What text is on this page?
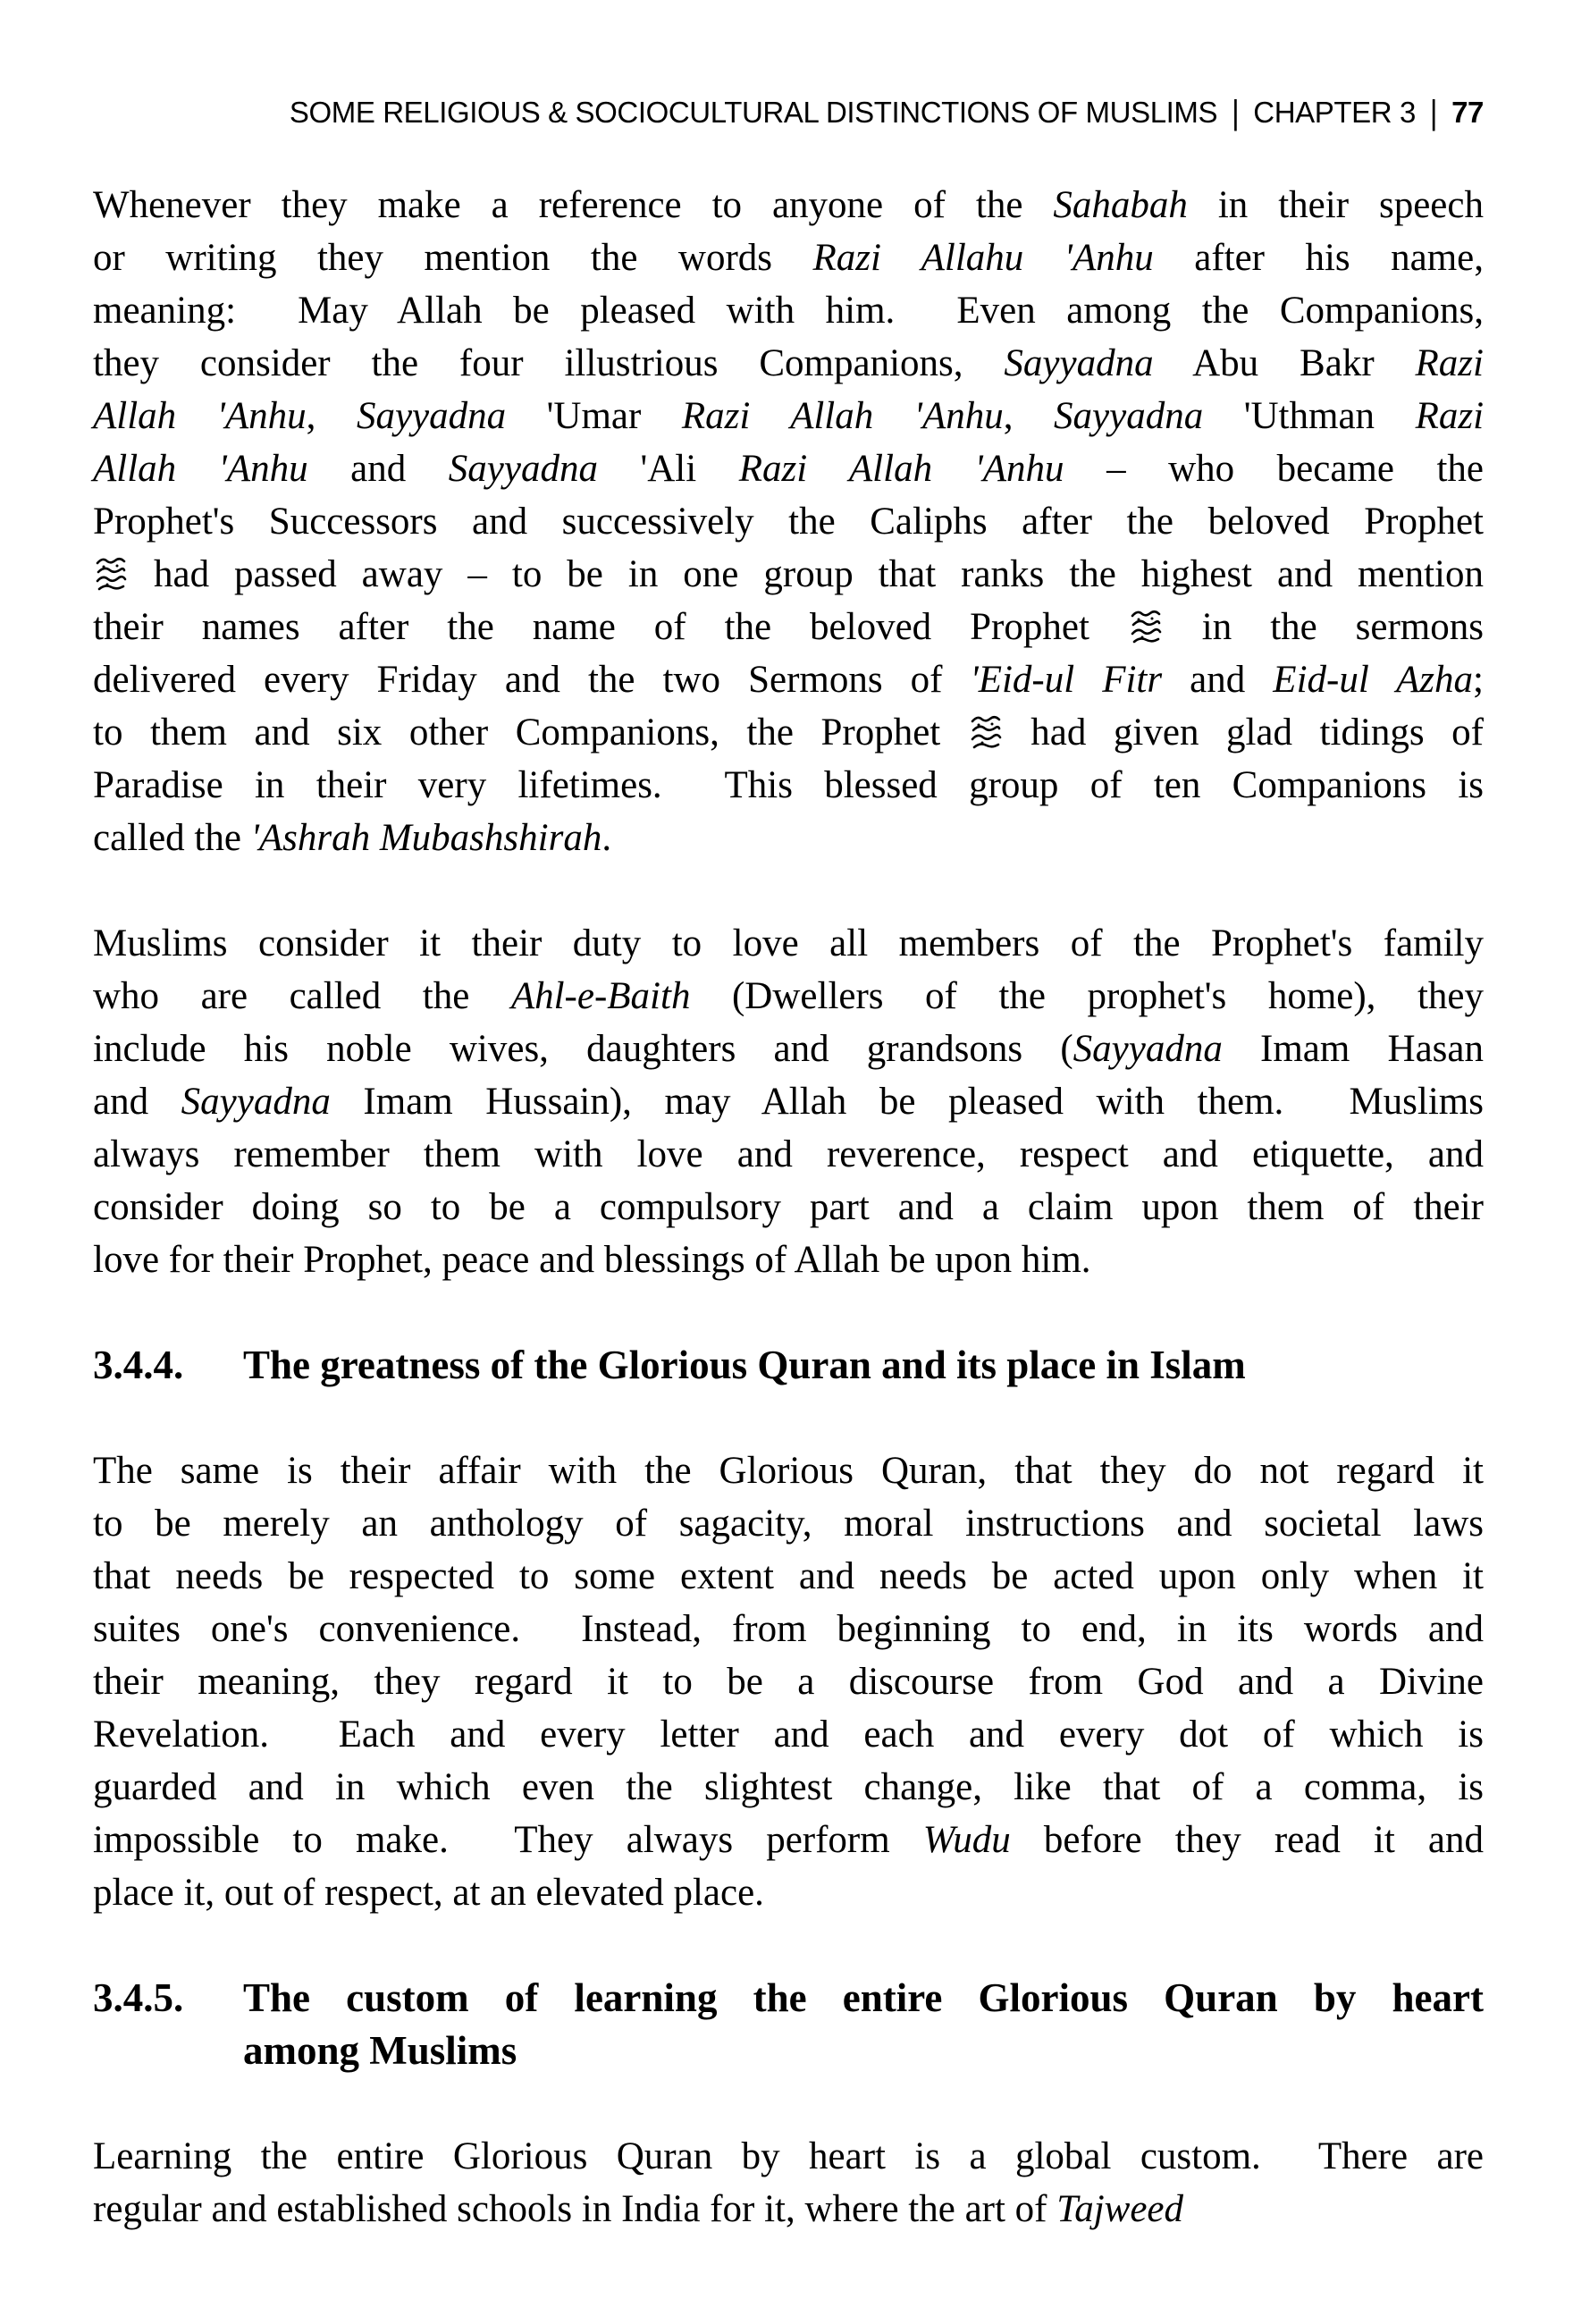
SOME RELIGIOUS & SOCIOCULTURAL DISTINCTIONS OF MUSLIMS | CHAPTER 3 | 77
Whenever they make a reference to anyone of the Sahabah in their speech
or writing they mention the words Razi Allahu 'Anhu after his name,
meaning:  May Allah be pleased with him.  Even among the Companions,
they consider the four illustrious Companions, Sayyadna Abu Bakr Razi
Allah 'Anhu, Sayyadna 'Umar Razi Allah 'Anhu, Sayyadna 'Uthman Razi
Allah 'Anhu and Sayyadna 'Ali Razi Allah 'Anhu – who became the
Prophet's Successors and successively the Caliphs after the beloved Prophet
had passed away – to be in one group that ranks the highest and mention
their names after the name of the beloved Prophet
in the sermons
delivered every Friday and the two Sermons of 'Eid-ul Fitr and Eid-ul Azha;
to them and six other Companions, the Prophet
had given glad tidings of
Paradise in their very lifetimes.  This blessed group of ten Companions is
called the 'Ashrah Mubashshirah.
Muslims consider it their duty to love all members of the Prophet's family
who are called the Ahl-e-Baith (Dwellers of the prophet's home), they
include his noble wives, daughters and grandsons (Sayyadna Imam Hasan
and Sayyadna Imam Hussain), may Allah be pleased with them.  Muslims
always remember them with love and reverence, respect and etiquette, and
consider doing so to be a compulsory part and a claim upon them of their
love for their Prophet, peace and blessings of Allah be upon him.
3.4.4.	The greatness of the Glorious Quran and its place in Islam
The same is their affair with the Glorious Quran, that they do not regard it
to be merely an anthology of sagacity, moral instructions and societal laws
that needs be respected to some extent and needs be acted upon only when it
suites one's convenience.  Instead, from beginning to end, in its words and
their meaning, they regard it to be a discourse from God and a Divine
Revelation.  Each and every letter and each and every dot of which is
guarded and in which even the slightest change, like that of a comma, is
impossible to make.  They always perform Wudu before they read it and
place it, out of respect, at an elevated place.
3.4.5.	The custom of learning the entire Glorious Quran by heart
among Muslims
Learning the entire Glorious Quran by heart is a global custom.  There are
regular and established schools in India for it, where the art of Tajweed
